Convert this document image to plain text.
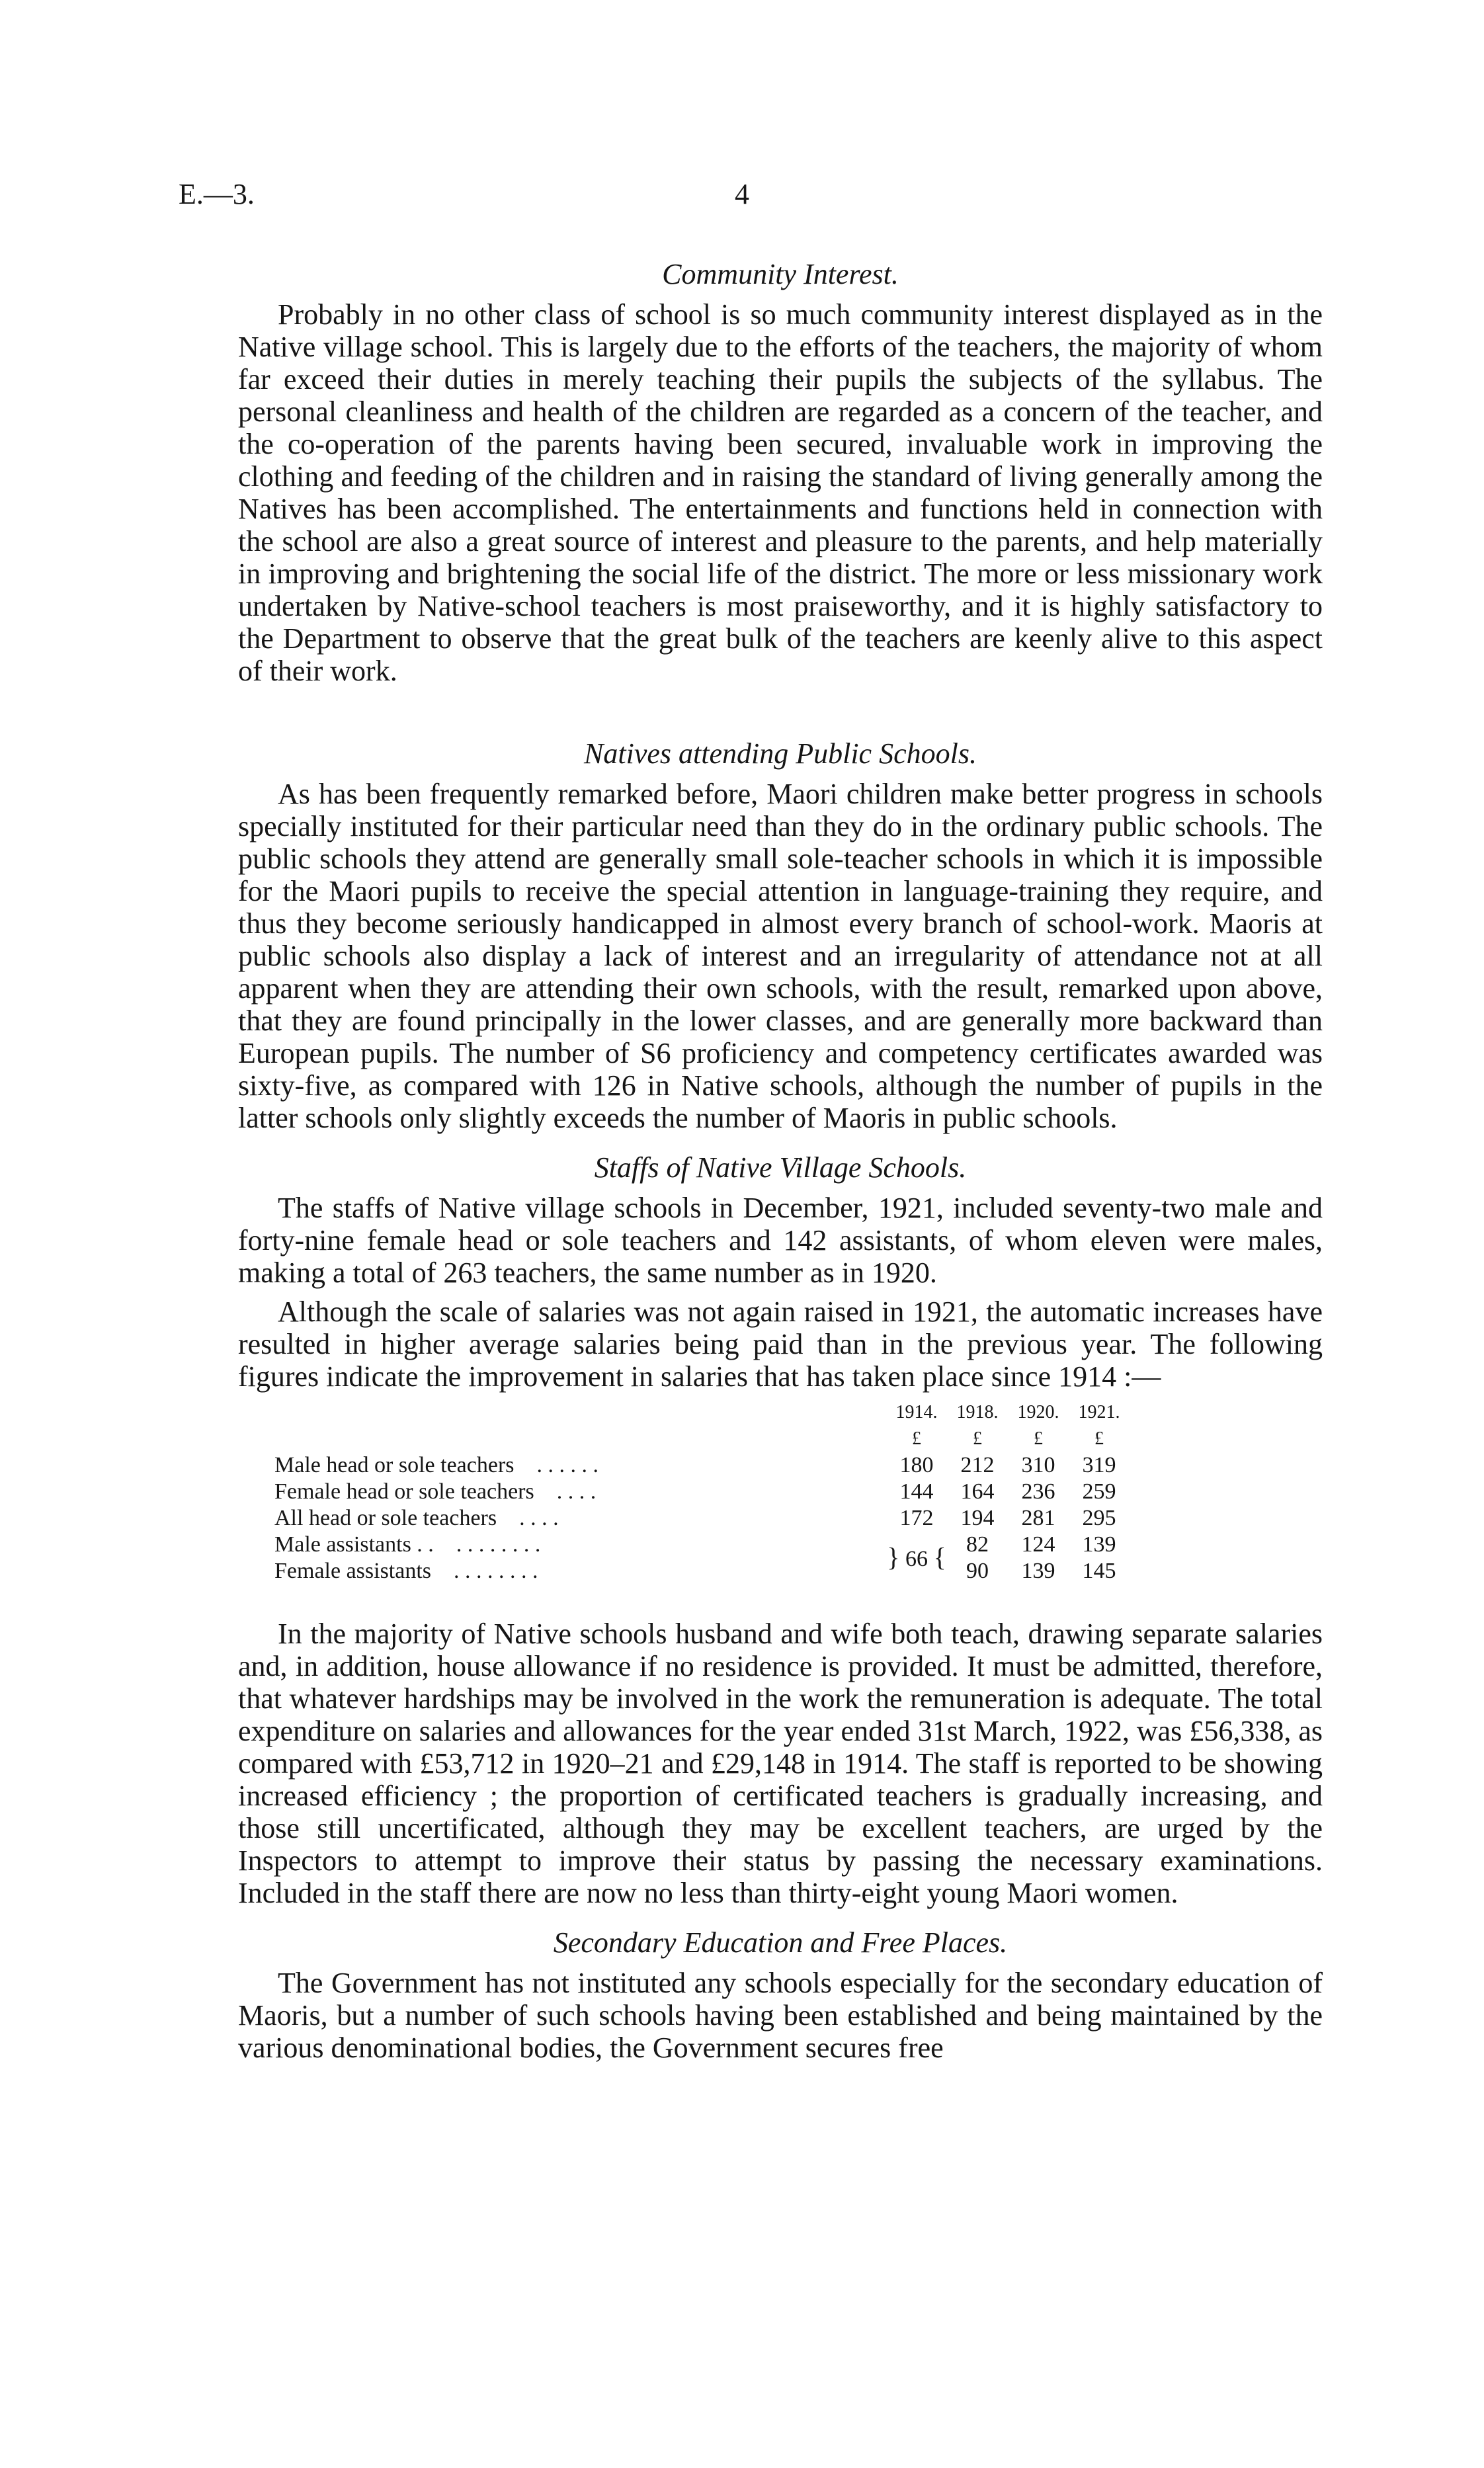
E.—3.	4
Community Interest.

Probably in no other class of school is so much community interest displayed as in the Native village school. This is largely due to the efforts of the teachers, the majority of whom far exceed their duties in merely teaching their pupils the subjects of the syllabus. The personal cleanliness and health of the children are regarded as a concern of the teacher, and the co-operation of the parents having been secured, invaluable work in improving the clothing and feeding of the children and in raising the standard of living generally among the Natives has been accomplished. The entertainments and functions held in connection with the school are also a great source of interest and pleasure to the parents, and help materially in improving and brightening the social life of the district. The more or less missionary work undertaken by Native-school teachers is most praiseworthy, and it is highly satisfactory to the Department to observe that the great bulk of the teachers are keenly alive to this aspect of their work.

Natives attending Public Schools.

As has been frequently remarked before, Maori children make better progress in schools specially instituted for their particular need than they do in the ordinary public schools. The public schools they attend are generally small sole-teacher schools in which it is impossible for the Maori pupils to receive the special attention in language-training they require, and thus they become seriously handicapped in almost every branch of school-work. Maoris at public schools also display a lack of interest and an irregularity of attendance not at all apparent when they are attending their own schools, with the result, remarked upon above, that they are found principally in the lower classes, and are generally more backward than European pupils. The number of S6 proficiency and competency certificates awarded was sixty-five, as compared with 126 in Native schools, although the number of pupils in the latter schools only slightly exceeds the number of Maoris in public schools.

Staffs of Native Village Schools.

The staffs of Native village schools in December, 1921, included seventy-two male and forty-nine female head or sole teachers and 142 assistants, of whom eleven were males, making a total of 263 teachers, the same number as in 1920.

Although the scale of salaries was not again raised in 1921, the automatic increases have resulted in higher average salaries being paid than in the previous year. The following figures indicate the improvement in salaries that has taken place since 1914 :—

	1914.	1918.	1920.	1921.
	£	£	£	£
Male head or sole teachers . . . . . .	180	212	310	319
Female head or sole teachers . . . .	144	164	236	259
All head or sole teachers . . . .	172	194	281	295
Male assistants . . . . . . . . . .	} 66 {	82	124	139
Female assistants . . . . . . . .		90	139	145

In the majority of Native schools husband and wife both teach, drawing separate salaries and, in addition, house allowance if no residence is provided. It must be admitted, therefore, that whatever hardships may be involved in the work the remuneration is adequate. The total expenditure on salaries and allowances for the year ended 31st March, 1922, was £56,338, as compared with £53,712 in 1920–21 and £29,148 in 1914. The staff is reported to be showing increased efficiency ; the proportion of certificated teachers is gradually increasing, and those still uncertificated, although they may be excellent teachers, are urged by the Inspectors to attempt to improve their status by passing the necessary examinations. Included in the staff there are now no less than thirty-eight young Maori women.

Secondary Education and Free Places.

The Government has not instituted any schools especially for the secondary education of Maoris, but a number of such schools having been established and being maintained by the various denominational bodies, the Government secures free
